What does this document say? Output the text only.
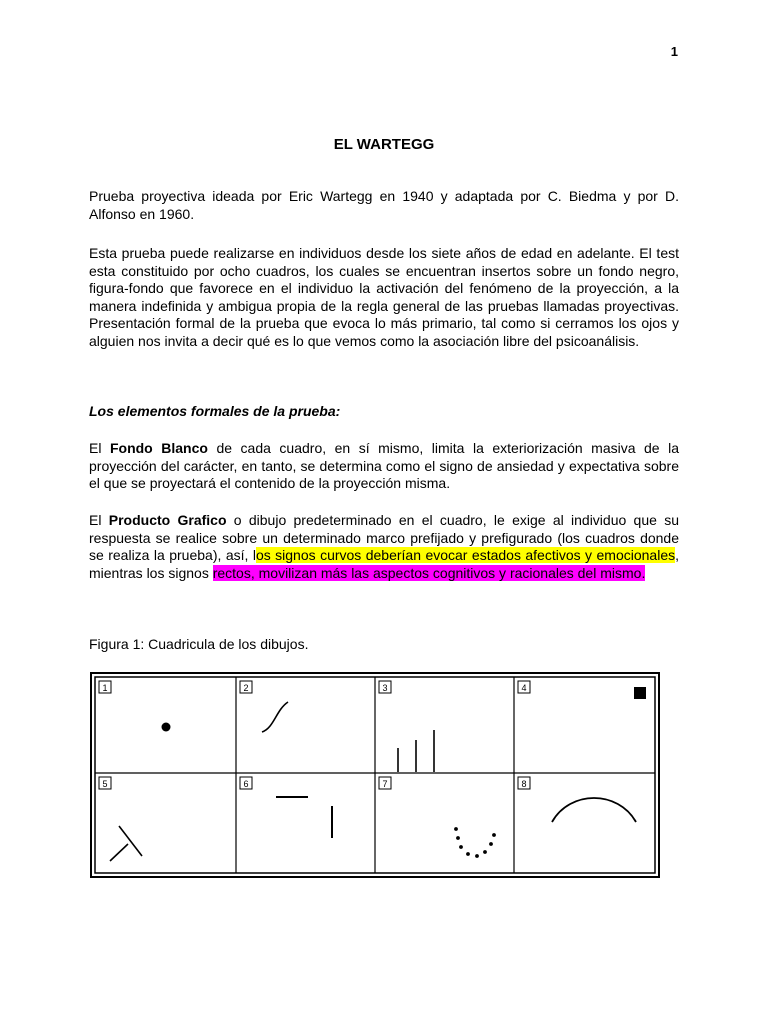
1
EL WARTEGG

Prueba proyectiva ideada por Eric Wartegg en 1940 y adaptada por C. Biedma y por D. Alfonso en 1960.

Esta prueba puede realizarse en individuos desde los siete años de edad en adelante. El test esta constituido por ocho cuadros, los cuales se encuentran insertos sobre un fondo negro, figura-fondo que favorece en el individuo la activación del fenómeno de la proyección, a la manera indefinida y ambigua propia de la regla general de las pruebas llamadas proyectivas. Presentación formal de la prueba que evoca lo más primario, tal como si cerramos los ojos y alguien nos invita a decir qué es lo que vemos como la asociación libre del psicoanálisis.

Los elementos formales de la prueba:

El Fondo Blanco de cada cuadro, en sí mismo, limita la exteriorización masiva de la proyección del carácter, en tanto, se determina como el signo de ansiedad y expectativa sobre el que se proyectará el contenido de la proyección misma.

El Producto Grafico o dibujo predeterminado en el cuadro, le exige al individuo que su respuesta se realice sobre un determinado marco prefijado y prefigurado (los cuadros donde se realiza la prueba), así, los signos curvos deberían evocar estados afectivos y emocionales, mientras los signos rectos, movilizan más las aspectos cognitivos y racionales del mismo.

Figura 1: Cuadricula de los dibujos.

1	2	3	4
5	6	7	8
